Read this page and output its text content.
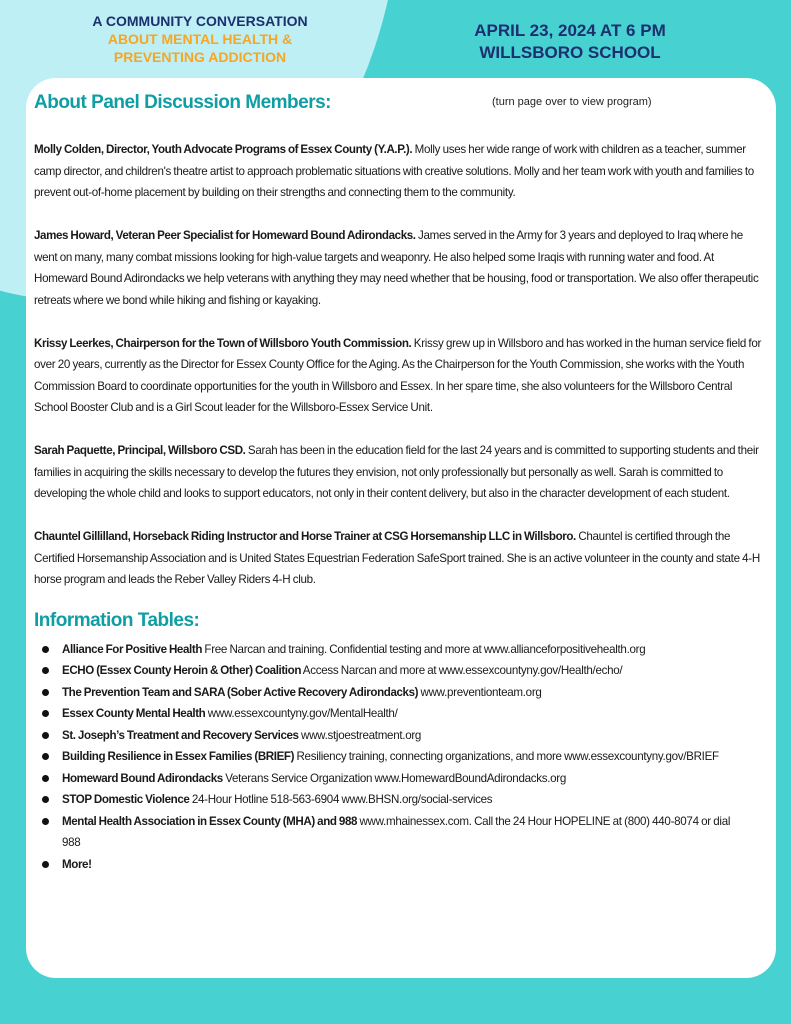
A COMMUNITY CONVERSATION
ABOUT MENTAL HEALTH &
PREVENTING ADDICTION
APRIL 23, 2024 AT 6 PM
WILLSBORO SCHOOL
About Panel Discussion Members:	(turn page over to view program)

Molly Colden, Director, Youth Advocate Programs of Essex County (Y.A.P.). Molly uses her wide range of work with children as a teacher, summer camp director, and children's theatre artist to approach problematic situations with creative solutions. Molly and her team work with youth and families to prevent out-of-home placement by building on their strengths and connecting them to the community.

James Howard, Veteran Peer Specialist for Homeward Bound Adirondacks. James served in the Army for 3 years and deployed to Iraq where he went on many, many combat missions looking for high-value targets and weaponry. He also helped some Iraqis with running water and food. At Homeward Bound Adirondacks we help veterans with anything they may need whether that be housing, food or transportation. We also offer therapeutic retreats where we bond while hiking and fishing or kayaking.

Krissy Leerkes, Chairperson for the Town of Willsboro Youth Commission. Krissy grew up in Willsboro and has worked in the human service field for over 20 years, currently as the Director for Essex County Office for the Aging. As the Chairperson for the Youth Commission, she works with the Youth Commission Board to coordinate opportunities for the youth in Willsboro and Essex. In her spare time, she also volunteers for the Willsboro Central School Booster Club and is a Girl Scout leader for the Willsboro-Essex Service Unit.

Sarah Paquette, Principal, Willsboro CSD. Sarah has been in the education field for the last 24 years and is committed to supporting students and their families in acquiring the skills necessary to develop the futures they envision, not only professionally but personally as well. Sarah is committed to developing the whole child and looks to support educators, not only in their content delivery, but also in the character development of each student.

Chauntel Gillilland, Horseback Riding Instructor and Horse Trainer at CSG Horsemanship LLC in Willsboro. Chauntel is certified through the Certified Horsemanship Association and is United States Equestrian Federation SafeSport trained. She is an active volunteer in the county and state 4-H horse program and leads the Reber Valley Riders 4-H club.

Information Tables:
Alliance For Positive Health Free Narcan and training. Confidential testing and more at www.allianceforpositivehealth.org
ECHO (Essex County Heroin & Other) Coalition Access Narcan and more at www.essexcountyny.gov/Health/echo/
The Prevention Team and SARA (Sober Active Recovery Adirondacks) www.preventionteam.org
Essex County Mental Health www.essexcountyny.gov/MentalHealth/
St. Joseph’s Treatment and Recovery Services www.stjoestreatment.org
Building Resilience in Essex Families (BRIEF) Resiliency training, connecting organizations, and more www.essexcountyny.gov/BRIEF
Homeward Bound Adirondacks Veterans Service Organization www.HomewardBoundAdirondacks.org
STOP Domestic Violence 24-Hour Hotline 518-563-6904 www.BHSN.org/social-services
Mental Health Association in Essex County (MHA) and 988 www.mhainessex.com. Call the 24 Hour HOPELINE at (800) 440-8074 or dial 988
More!
